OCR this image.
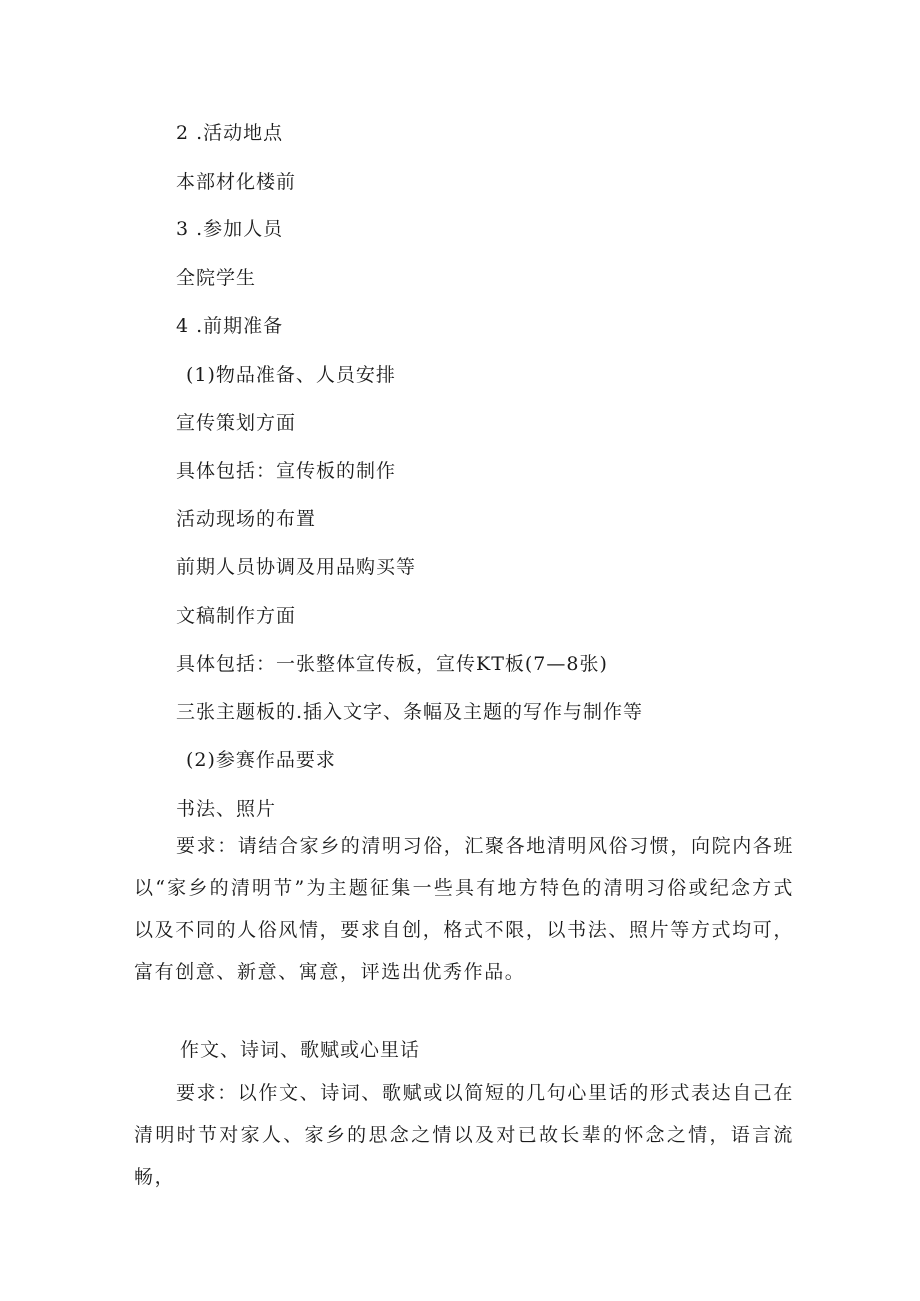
2 .活动地点
本部材化楼前
3 .参加人员
全院学生
4 .前期准备
(1)物品准备、人员安排
宣传策划方面
具体包括：宣传板的制作
活动现场的布置
前期人员协调及用品购买等
文稿制作方面
具体包括：一张整体宣传板，宣传KT板(7—8张)
三张主题板的.插入文字、条幅及主题的写作与制作等
(2)参赛作品要求
书法、照片
要求：请结合家乡的清明习俗，汇聚各地清明风俗习惯，向院内各班以“家乡的清明节”为主题征集一些具有地方特色的清明习俗或纪念方式以及不同的人俗风情，要求自创，格式不限，以书法、照片等方式均可，富有创意、新意、寓意，评选出优秀作品。
作文、诗词、歌赋或心里话
要求：以作文、诗词、歌赋或以简短的几句心里话的形式表达自己在清明时节对家人、家乡的思念之情以及对已故长辈的怀念之情，语言流畅，
